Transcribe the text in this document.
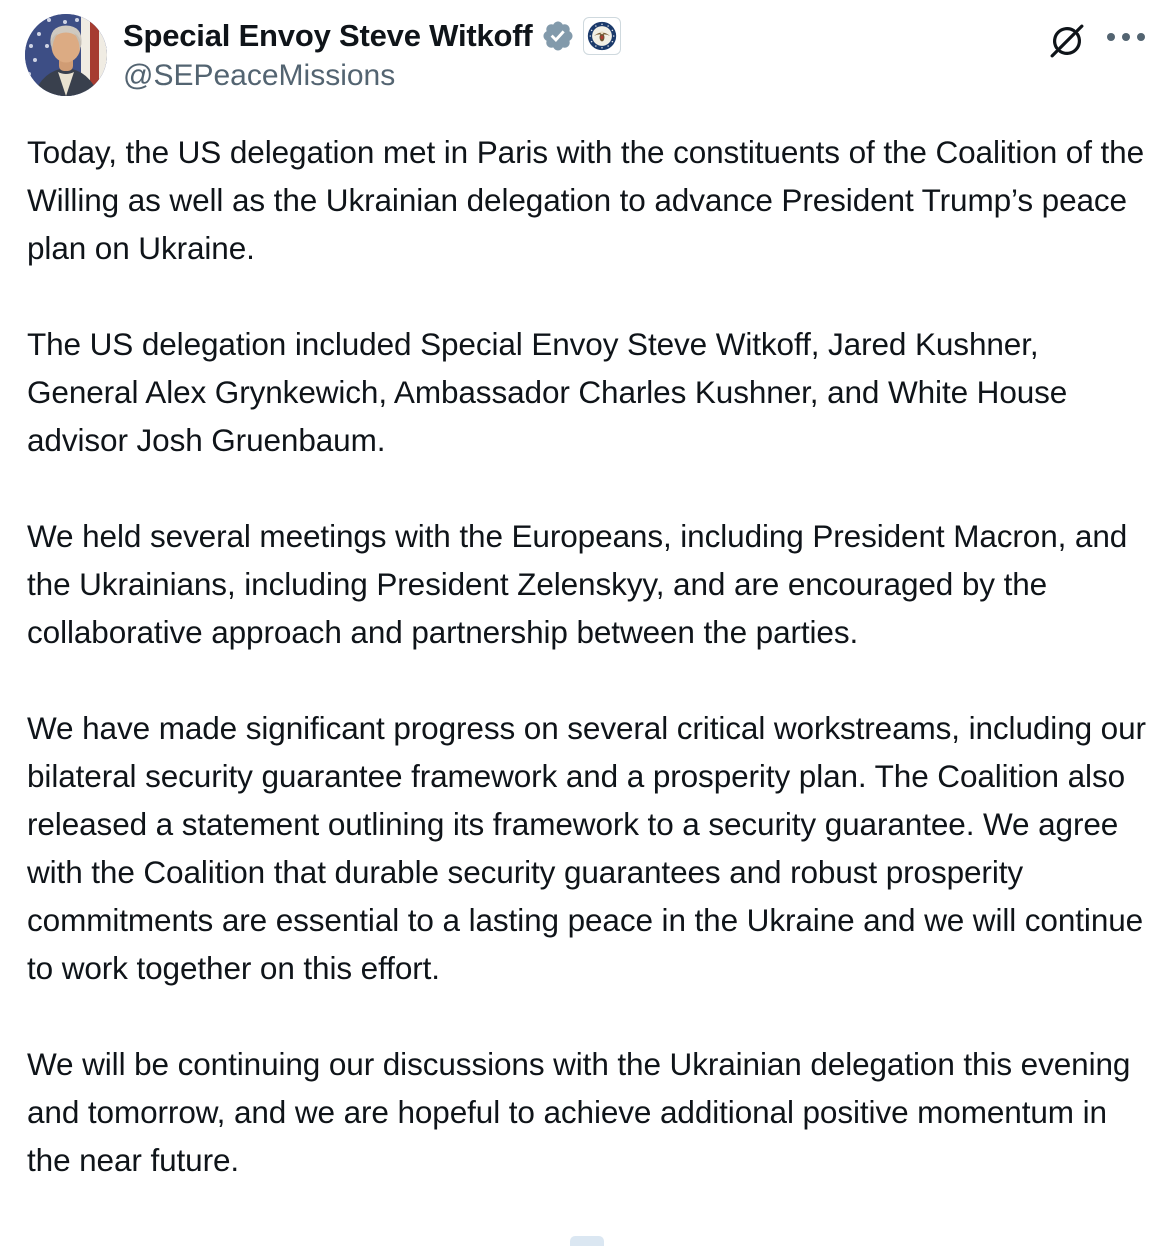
Special Envoy Steve Witkoff
@SEPeaceMissions

Today, the US delegation met in Paris with the constituents of the Coalition of the Willing as well as the Ukrainian delegation to advance President Trump’s peace plan on Ukraine.

The US delegation included Special Envoy Steve Witkoff, Jared Kushner, General Alex Grynkewich, Ambassador Charles Kushner, and White House advisor Josh Gruenbaum.

We held several meetings with the Europeans, including President Macron, and the Ukrainians, including President Zelenskyy, and are encouraged by the collaborative approach and partnership between the parties.

We have made significant progress on several critical workstreams, including our bilateral security guarantee framework and a prosperity plan. The Coalition also released a statement outlining its framework to a security guarantee. We agree with the Coalition that durable security guarantees and robust prosperity commitments are essential to a lasting peace in the Ukraine and we will continue to work together on this effort.

We will be continuing our discussions with the Ukrainian delegation this evening and tomorrow, and we are hopeful to achieve additional positive momentum in the near future.
